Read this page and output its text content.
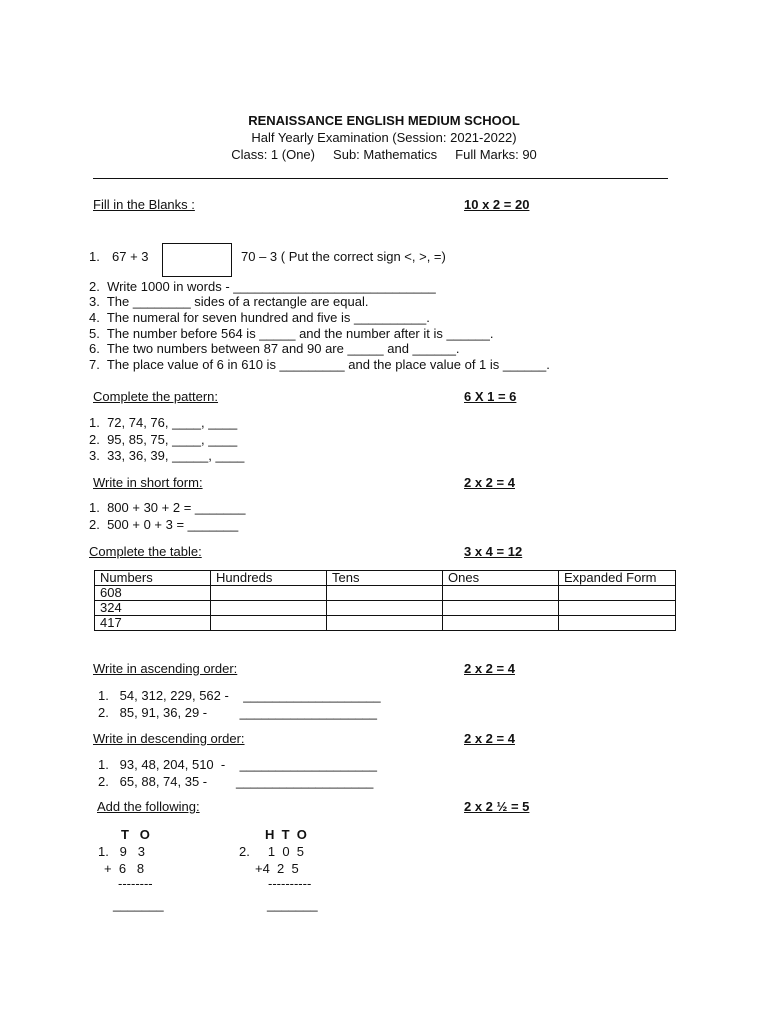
RENAISSANCE ENGLISH MEDIUM SCHOOL
Half Yearly Examination (Session: 2021-2022)
Class: 1 (One)     Sub: Mathematics     Full Marks: 90
Fill in the Blanks :	10 x 2 = 20
1. 67 + 3	70 – 3 ( Put the correct sign <, >, =)
2.  Write 1000 in words - ____________________________
3.  The ________ sides of a rectangle are equal.
4.  The numeral for seven hundred and five is __________.
5.  The number before 564 is _____ and the number after it is ______.
6.  The two numbers between 87 and 90 are _____ and ______.
7.  The place value of 6 in 610 is _________ and the place value of 1 is ______.
Complete the pattern:	6 X 1 = 6
1.  72, 74, 76, ____, ____
2.  95, 85, 75, ____, ____
3.  33, 36, 39, _____, ____
Write in short form:	2 x 2 = 4
1.  800 + 30 + 2 = _______
2.  500 + 0 + 3 = _______
Complete the table:	3 x 4 = 12
Numbers	Hundreds	Tens	Ones	Expanded Form
608				
324				
417				
Write in ascending order:	2 x 2 = 4
1.   54, 312, 229, 562 -    ___________________
2.   85, 91, 36, 29 -         ___________________
Write in descending order:	2 x 2 = 4
1.   93, 48, 204, 510  -    ___________________
2.   65, 88, 74, 35 -        ___________________
Add the following:	2 x 2 ½ = 5
T   O
1.   9   3
+  6   8
--------
_______
H  T  O
2.     1  0  5
+4  2  5
----------
_______
